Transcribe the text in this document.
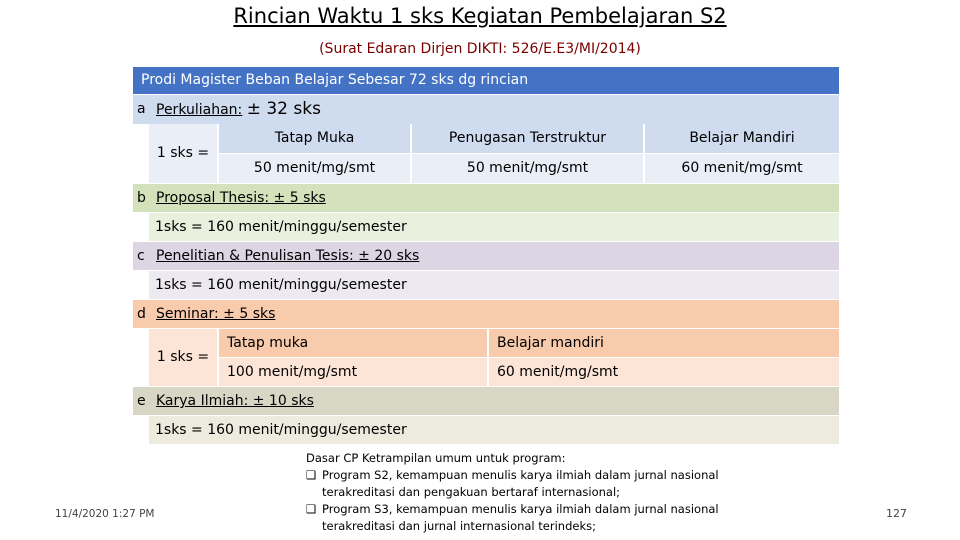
Rincian Waktu 1 sks Kegiatan Pembelajaran S2
(Surat Edaran Dirjen DIKTI: 526/E.E3/MI/2014)
Prodi Magister Beban Belajar Sebesar 72 sks dg rincian
a Perkuliahan: ± 32 sks
1 sks =
Tatap Muka
50 menit/mg/smt
Penugasan Terstruktur
50 menit/mg/smt
Belajar Mandiri
60 menit/mg/smt
b Proposal Thesis: ± 5 sks
1sks = 160 menit/minggu/semester
c Penelitian & Penulisan Tesis: ± 20 sks
1sks = 160 menit/minggu/semester
d Seminar: ± 5 sks
1 sks =
Tatap muka
100 menit/mg/smt
Belajar mandiri
60 menit/mg/smt
e Karya Ilmiah: ± 10 sks
1sks = 160 menit/minggu/semester
Dasar CP Ketrampilan umum untuk program:
❑ Program S2, kemampuan menulis karya ilmiah dalam jurnal nasional
terakreditasi dan pengakuan bertaraf internasional;
❑ Program S3, kemampuan menulis karya ilmiah dalam jurnal nasional
terakreditasi dan jurnal internasional terindeks;
11/4/2020 1:27 PM	127
